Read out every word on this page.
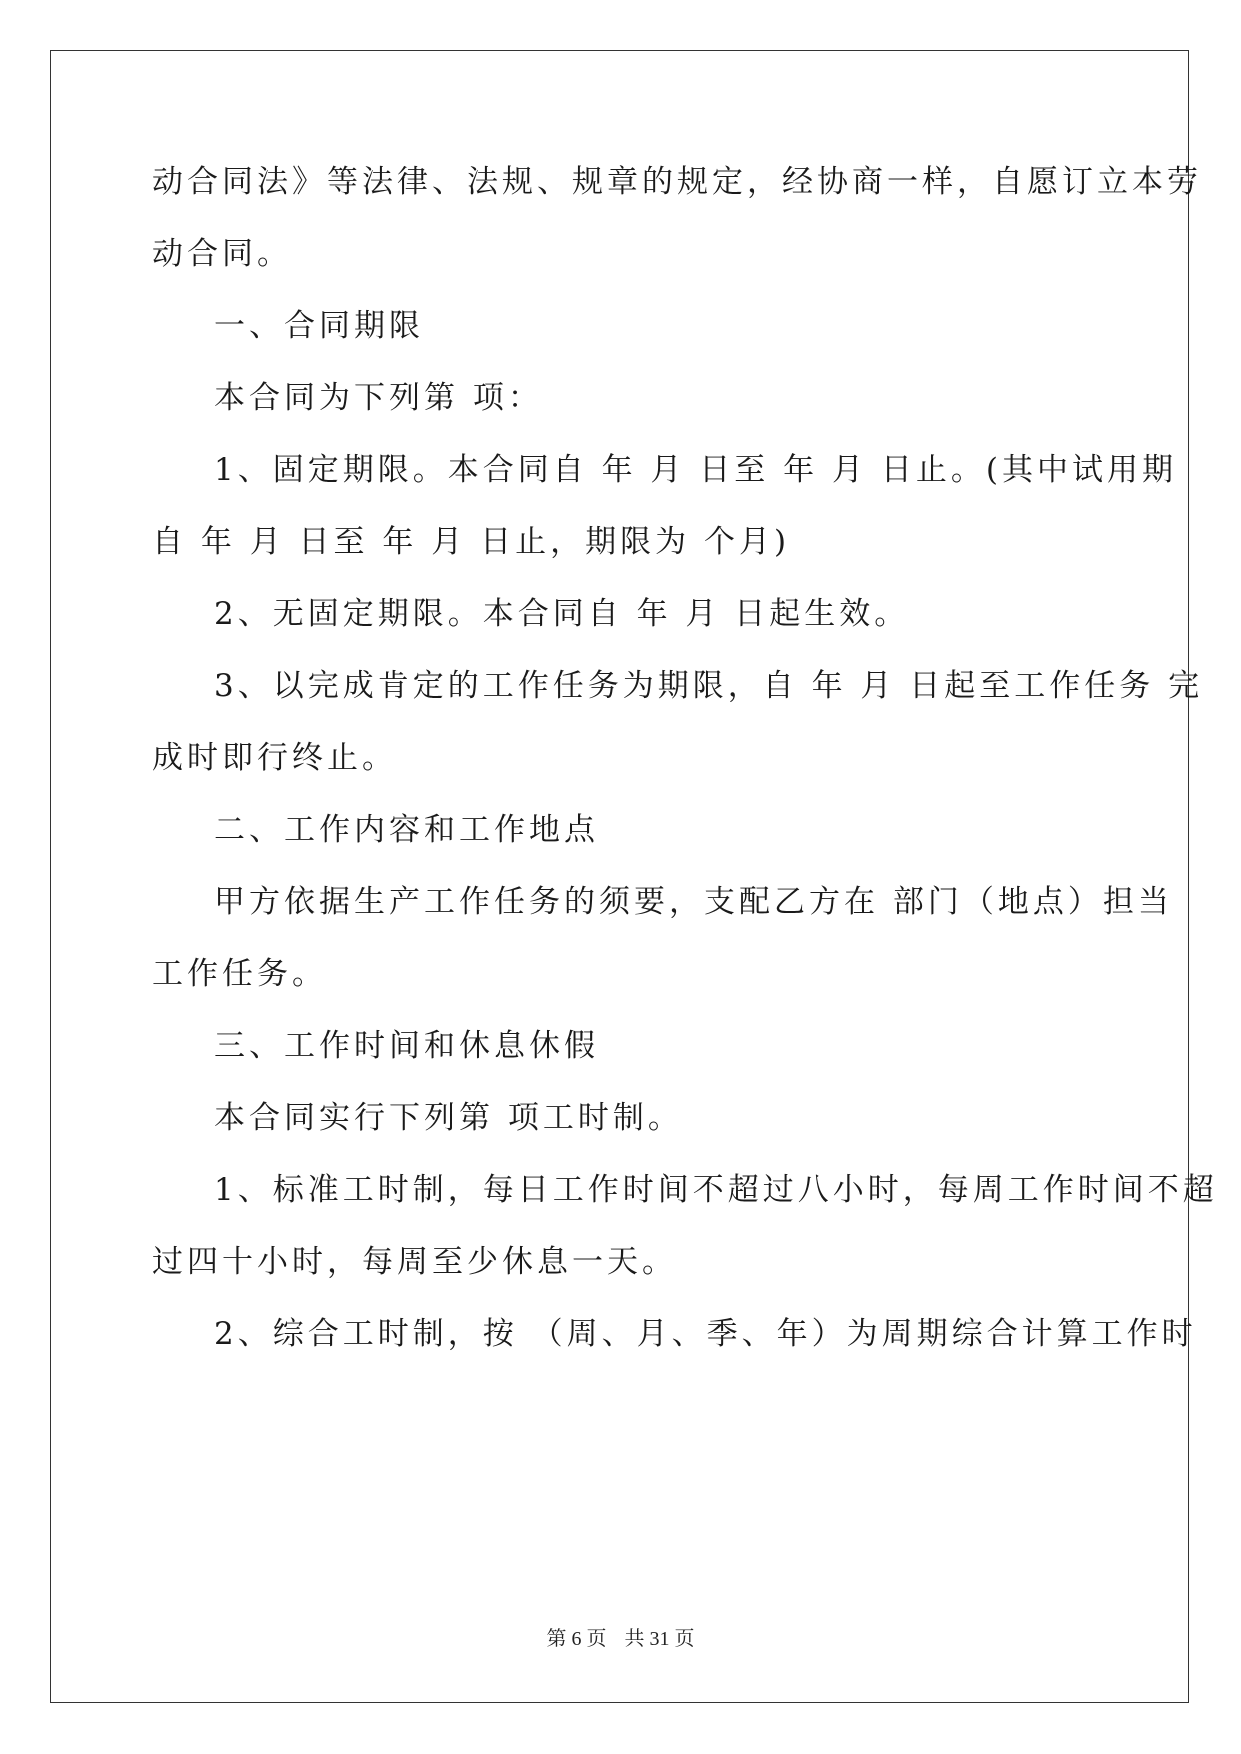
动合同法》等法律、法规、规章的规定，经协商一样，自愿订立本劳
动合同。
一、合同期限
本合同为下列第 项：
1、固定期限。本合同自 年 月 日至 年 月 日止。(其中试用期
自 年 月 日至 年 月 日止，期限为 个月)
2、无固定期限。本合同自 年 月 日起生效。
3、以完成肯定的工作任务为期限，自 年 月 日起至工作任务 完
成时即行终止。
二、工作内容和工作地点
甲方依据生产工作任务的须要，支配乙方在 部门（地点）担当
工作任务。
三、工作时间和休息休假
本合同实行下列第 项工时制。
1、标准工时制，每日工作时间不超过八小时，每周工作时间不超
过四十小时，每周至少休息一天。
2、综合工时制，按 （周、月、季、年）为周期综合计算工作时
第 6 页 共 31 页
